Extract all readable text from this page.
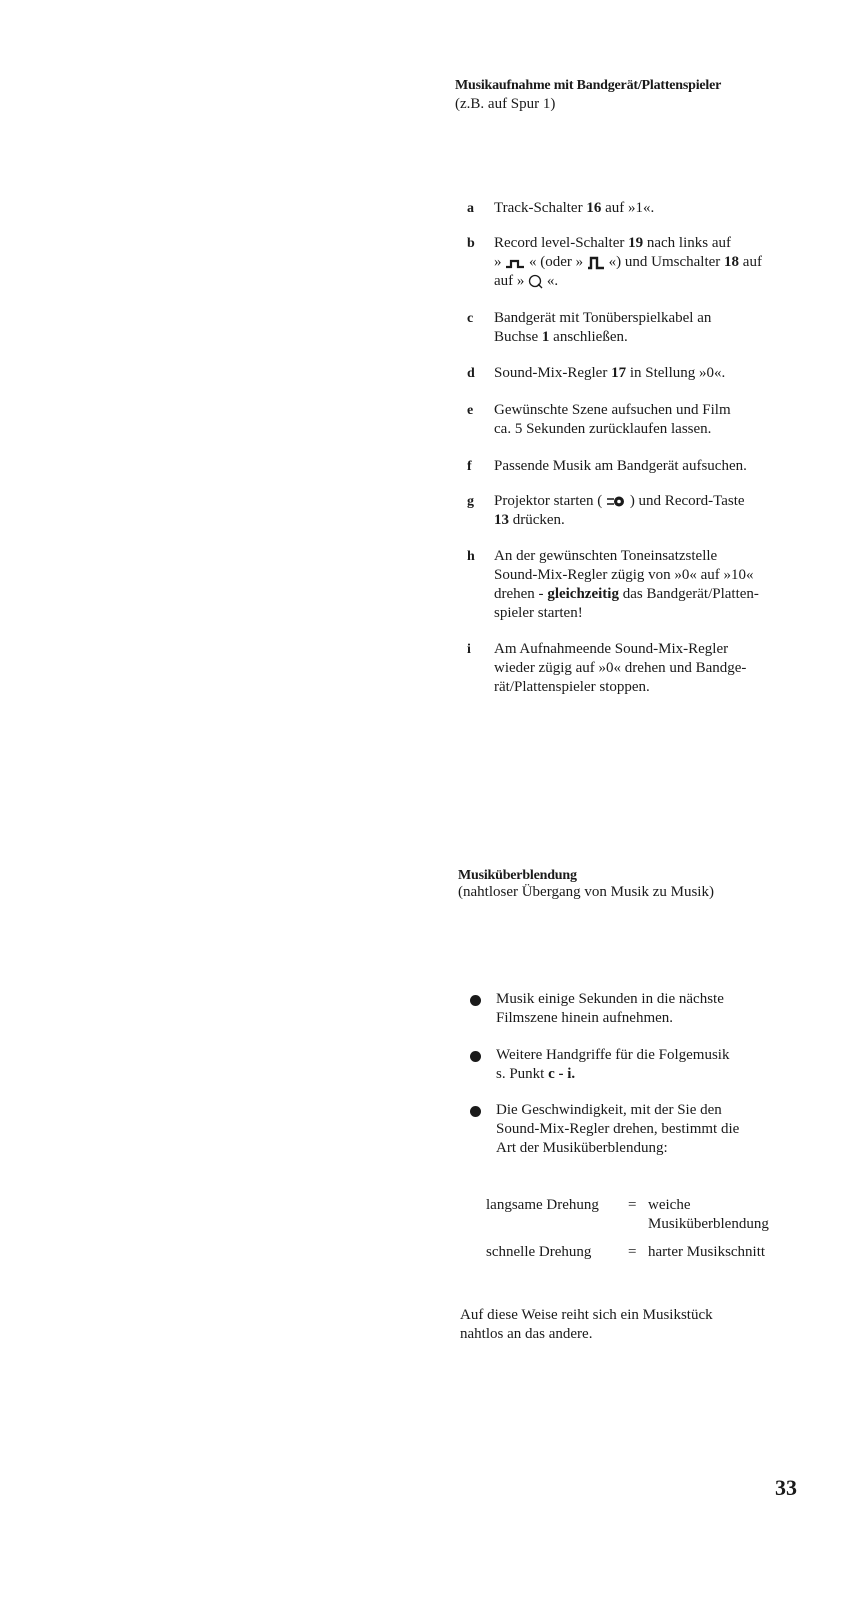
Musikaufnahme mit Bandgerät/Plattenspieler
(z.B. auf Spur 1)
a Track-Schalter 16 auf »1«.
b Record level-Schalter 19 nach links auf
» « (oder » «) und Umschalter 18 auf
auf » «.
c Bandgerät mit Tonüberspielkabel an
Buchse 1 anschließen.
d Sound-Mix-Regler 17 in Stellung »0«.
e Gewünschte Szene aufsuchen und Film
ca. 5 Sekunden zurücklaufen lassen.
f Passende Musik am Bandgerät aufsuchen.
g Projektor starten (  ) und Record-Taste
13 drücken.
h An der gewünschten Toneinsatzstelle
Sound-Mix-Regler zügig von »0« auf »10«
drehen - gleichzeitig das Bandgerät/Platten-
spieler starten!
i Am Aufnahmeende Sound-Mix-Regler
wieder zügig auf »0« drehen und Bandge-
rät/Plattenspieler stoppen.
Musiküberblendung
(nahtloser Übergang von Musik zu Musik)
Musik einige Sekunden in die nächste
Filmszene hinein aufnehmen.
Weitere Handgriffe für die Folgemusik
s. Punkt c - i.
Die Geschwindigkeit, mit der Sie den
Sound-Mix-Regler drehen, bestimmt die
Art der Musiküberblendung:
langsame Drehung = weiche
Musiküberblendung
schnelle Drehung = harter Musikschnitt
Auf diese Weise reiht sich ein Musikstück
nahtlos an das andere.
33
